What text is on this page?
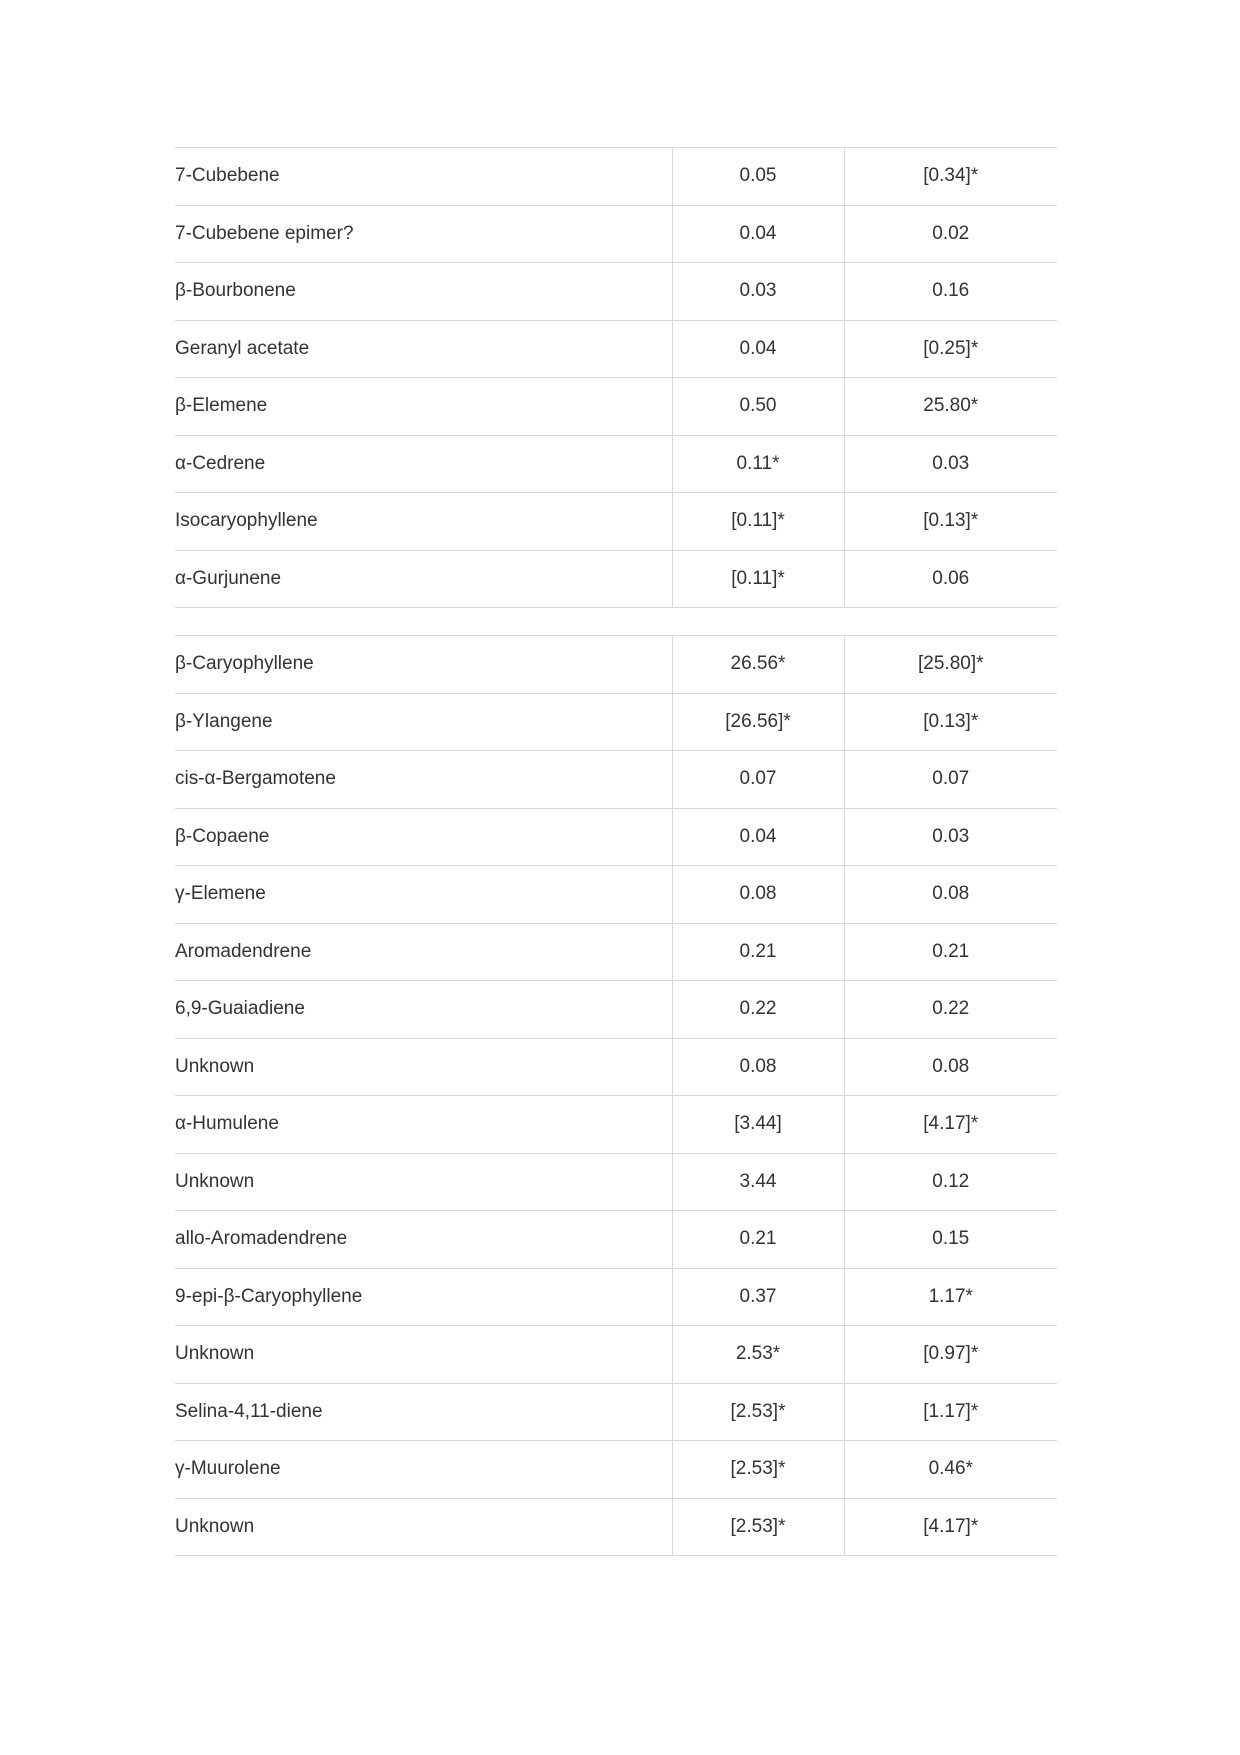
7-Cubebene	0.05	[0.34]*
7-Cubebene epimer?	0.04	0.02
β-Bourbonene	0.03	0.16
Geranyl acetate	0.04	[0.25]*
β-Elemene	0.50	25.80*
α-Cedrene	0.11*	0.03
Isocaryophyllene	[0.11]*	[0.13]*
α-Gurjunene	[0.11]*	0.06
β-Caryophyllene	26.56*	[25.80]*
β-Ylangene	[26.56]*	[0.13]*
cis-α-Bergamotene	0.07	0.07
β-Copaene	0.04	0.03
γ-Elemene	0.08	0.08
Aromadendrene	0.21	0.21
6,9-Guaiadiene	0.22	0.22
Unknown	0.08	0.08
α-Humulene	[3.44]	[4.17]*
Unknown	3.44	0.12
allo-Aromadendrene	0.21	0.15
9-epi-β-Caryophyllene	0.37	1.17*
Unknown	2.53*	[0.97]*
Selina-4,11-diene	[2.53]*	[1.17]*
γ-Muurolene	[2.53]*	0.46*
Unknown	[2.53]*	[4.17]*
